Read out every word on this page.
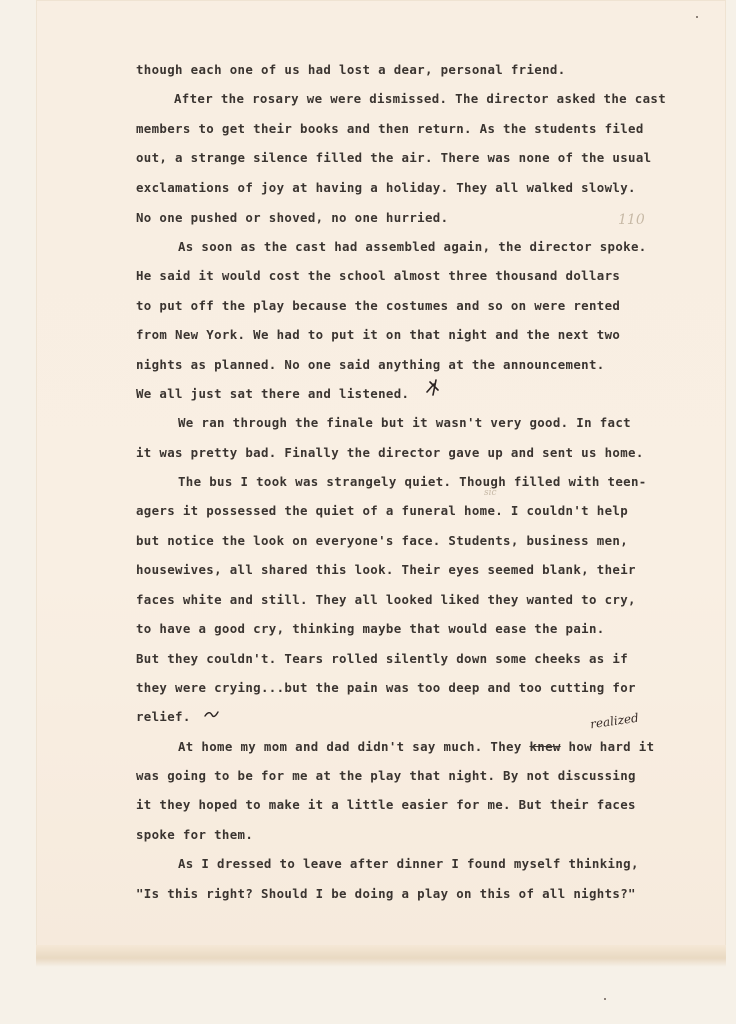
though each one of us had lost a dear, personal friend.
After the rosary we were dismissed. The director asked the cast
members to get their books and then return. As the students filed
out, a strange silence filled the air. There was none of the usual
exclamations of joy at having a holiday. They all walked slowly.
No one pushed or shoved, no one hurried.
As soon as the cast had assembled again, the director spoke.
He said it would cost the school almost three thousand dollars
to put off the play because the costumes and so on were rented
from New York. We had to put it on that night and the next two
nights as planned. No one said anything at the announcement.
We all just sat there and listened.
We ran through the finale but it wasn't very good. In fact
it was pretty bad. Finally the director gave up and sent us home.
The bus I took was strangely quiet. Though filled with teen-
agers it possessed the quiet of a funeral home. I couldn't help
but notice the look on everyone's face. Students, business men,
housewives, all shared this look. Their eyes seemed blank, their
faces white and still. They all looked liked they wanted to cry,
to have a good cry, thinking maybe that would ease the pain.
But they couldn't. Tears rolled silently down some cheeks as if
they were crying...but the pain was too deep and too cutting for
relief.
At home my mom and dad didn't say much. They knew how hard it
was going to be for me at the play that night. By not discussing
it they hoped to make it a little easier for me. But their faces
spoke for them.
As I dressed to leave after dinner I found myself thinking,
"Is this right? Should I be doing a play on this of all nights?"
110
realized
sic
